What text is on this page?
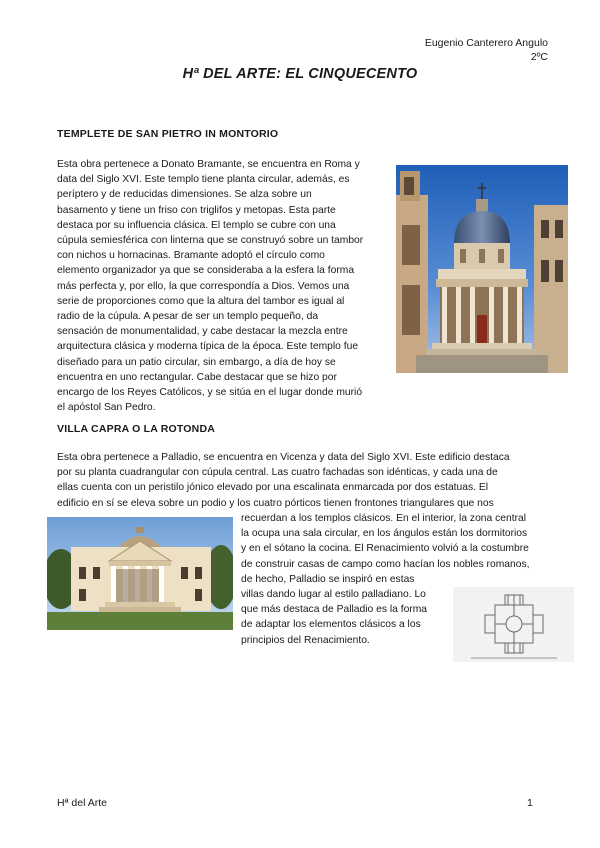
Eugenio Canterero Angulo
2ºC
Hª DEL ARTE: EL CINQUECENTO
TEMPLETE DE SAN PIETRO IN MONTORIO

Esta obra pertenece a Donato Bramante, se encuentra en Roma y

data del Siglo XVI. Este templo tiene planta circular, además, es

períptero y de reducidas dimensiones. Se alza sobre un

basamento y tiene un friso con triglifos y metopas. Esta parte

destaca por su influencia clásica. El templo se cubre con una

cúpula semiesférica con linterna que se construyó sobre un tambor

con nichos u hornacinas. Bramante adoptó el círculo como

elemento organizador ya que se consideraba a la esfera la forma

más perfecta y, por ello, la que correspondía a Dios. Vemos una

serie de proporciones como que la altura del tambor es igual al

radio de la cúpula. A pesar de ser un templo pequeño, da

sensación de monumentalidad, y cabe destacar la mezcla entre

arquitectura clásica y moderna típica de la época. Este templo fue

diseñado para un patio circular, sin embargo, a día de hoy se

encuentra en uno rectangular. Cabe destacar que se hizo por

encargo de los Reyes Católicos, y se sitúa en el lugar donde murió

el apóstol San Pedro.

VILLA CAPRA O LA ROTONDA

Esta obra pertenece a Palladio, se encuentra en Vicenza y data del Siglo XVI. Este edificio destaca

por su planta cuadrangular con cúpula central. Las cuatro fachadas son idénticas, y cada una de

ellas cuenta con un peristilo jónico elevado por una escalinata enmarcada por dos estatuas. El

edificio en sí se eleva sobre un podio y los cuatro pórticos tienen frontones triangulares que nos

recuerdan a los templos clásicos. En el interior, la zona central

la ocupa una sala circular, en los ángulos están los dormitorios

y en el sótano la cocina. El Renacimiento volvió a la costumbre

de construir casas de campo como hacían los nobles romanos,

de hecho, Palladio se inspiró en estas

villas dando lugar al estilo palladiano. Lo

que más destaca de Palladio es la forma

de adaptar los elementos clásicos a los

principios del Renacimiento.

Hª del Arte	1
